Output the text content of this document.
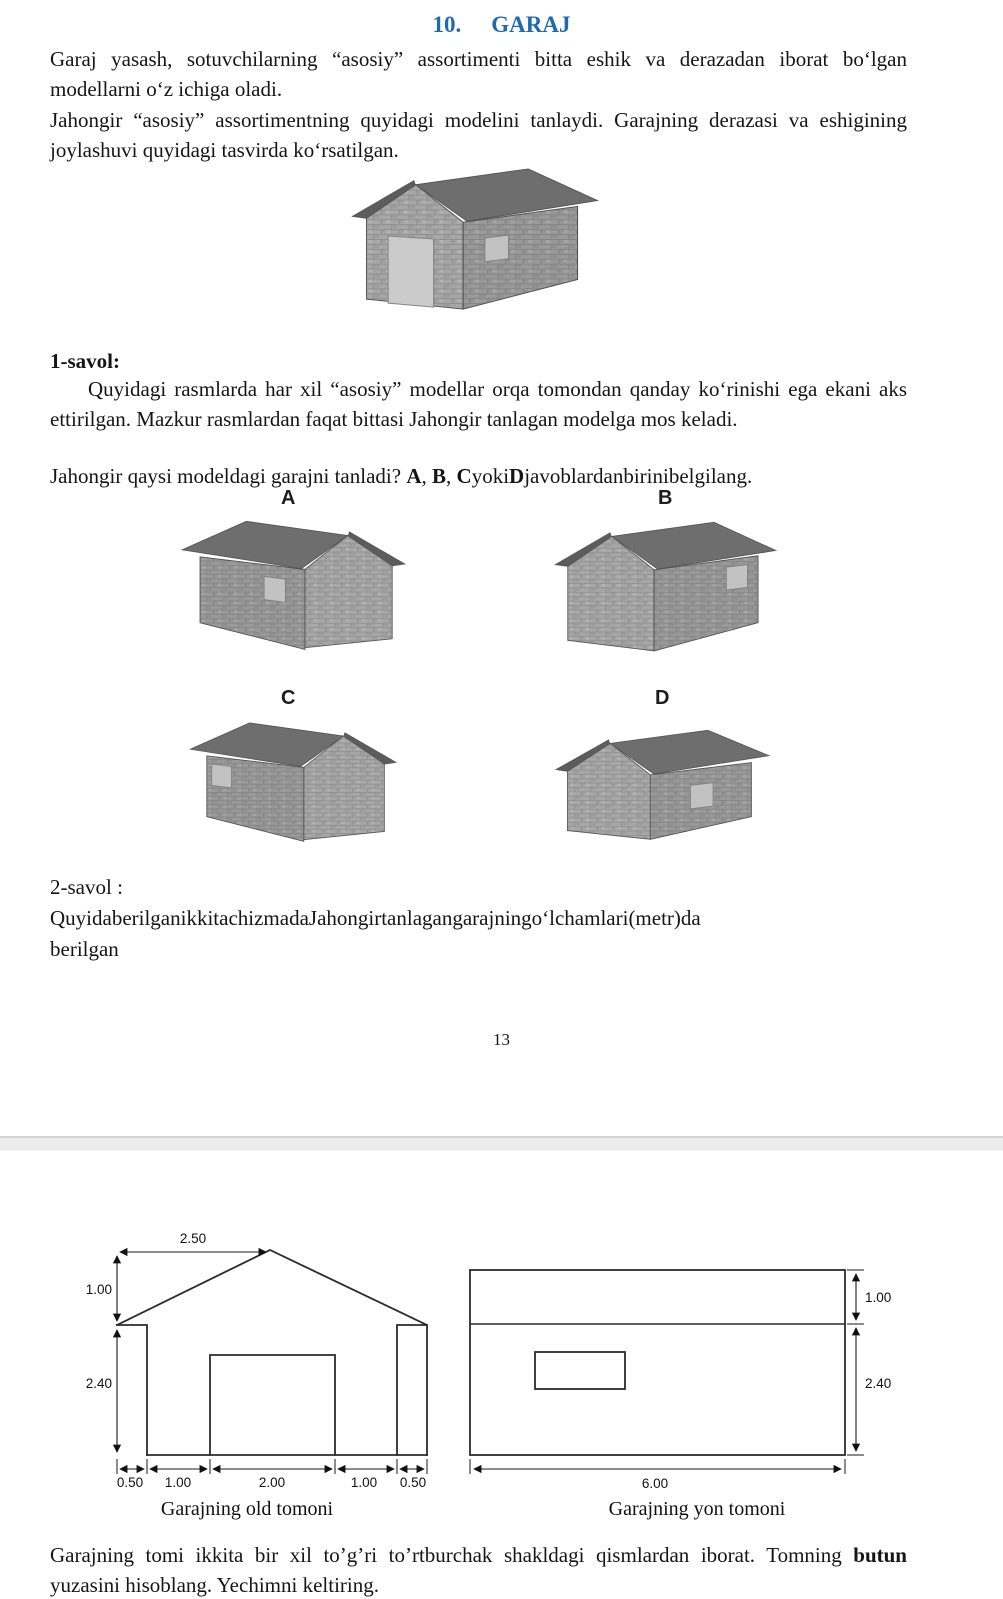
10. GARAJ

Garaj yasash, sotuvchilarning “asosiy” assortimenti bitta eshik va derazadan iborat boʻlgan modellarni oʻz ichiga oladi.

Jahongir “asosiy” assortimentning quyidagi modelini tanlaydi. Garajning derazasi va eshigining joylashuvi quyidagi tasvirda koʻrsatilgan.

1-savol:

Quyidagi rasmlarda har xil “asosiy” modellar orqa tomondan qanday koʻrinishi ega ekani aks ettirilgan. Mazkur rasmlardan faqat bittasi Jahongir tanlagan modelga mos keladi.

Jahongir qaysi modeldagi garajni tanladi? A, B, CyokiDjavoblardanbirinibelgilang.
A	B
C	D
2-savol :
QuyidaberilganikkitachizmadaJahongirtanlagangarajningoʻlchamlari(metr)da
berilgan
13
2.50
1.00
2.40
0.50 1.00	2.00	1.00 0.50
Garajning old tomoni
1.00
2.40
6.00
Garajning yon tomoni

Garajning tomi ikkita bir xil to’g’ri to’rtburchak shakldagi qismlardan iborat. Tomning butun yuzasini hisoblang. Yechimni keltiring.
